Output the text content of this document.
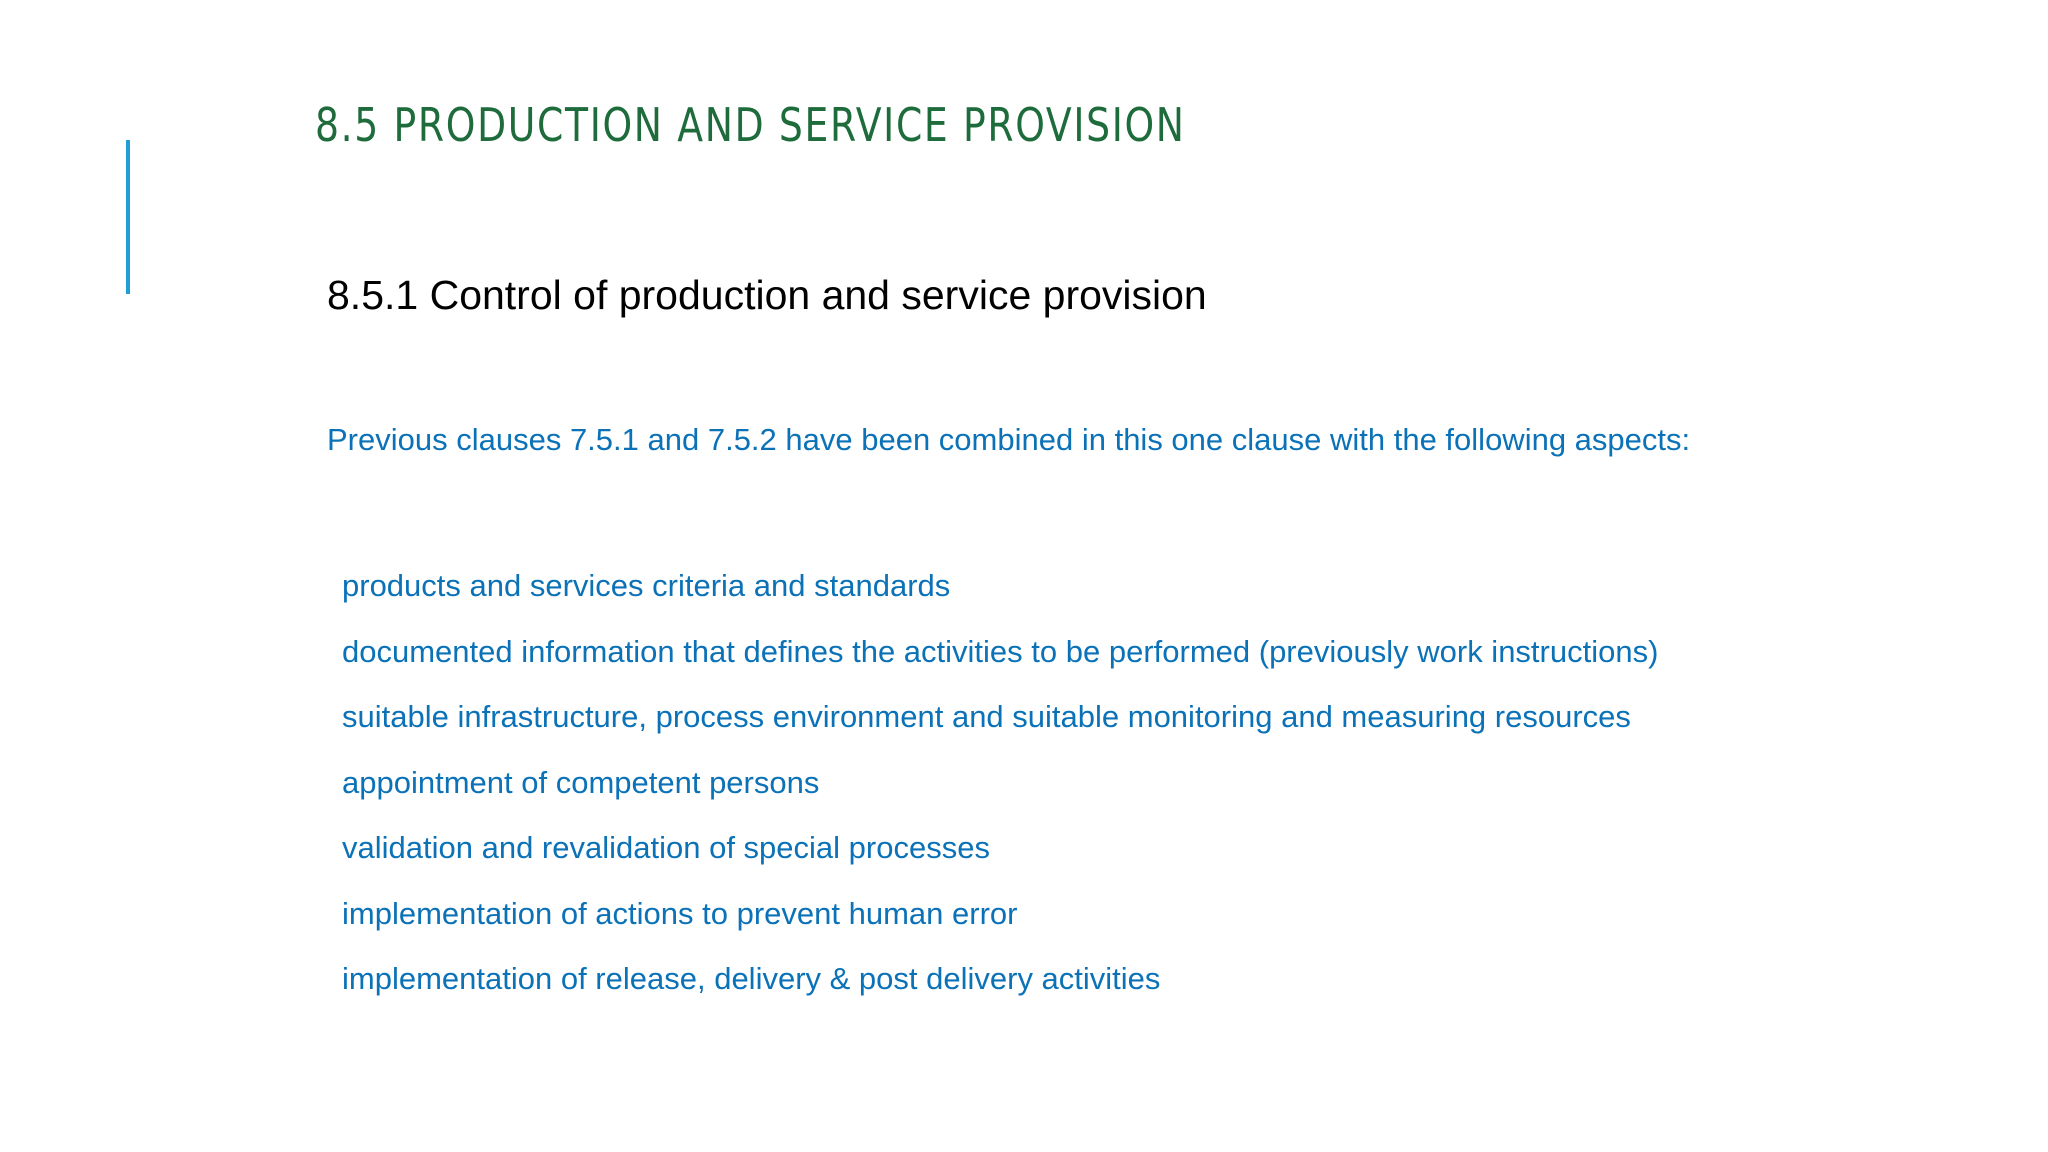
8.5 PRODUCTION AND SERVICE PROVISION
8.5.1 Control of production and service provision

Previous clauses 7.5.1 and 7.5.2 have been combined in this one clause with the following aspects:

products and services criteria and standards
documented information that defines the activities to be performed (previously work instructions)
suitable infrastructure, process environment and suitable monitoring and measuring resources
appointment of competent persons
validation and revalidation of special processes
implementation of actions to prevent human error
implementation of release, delivery & post delivery activities
